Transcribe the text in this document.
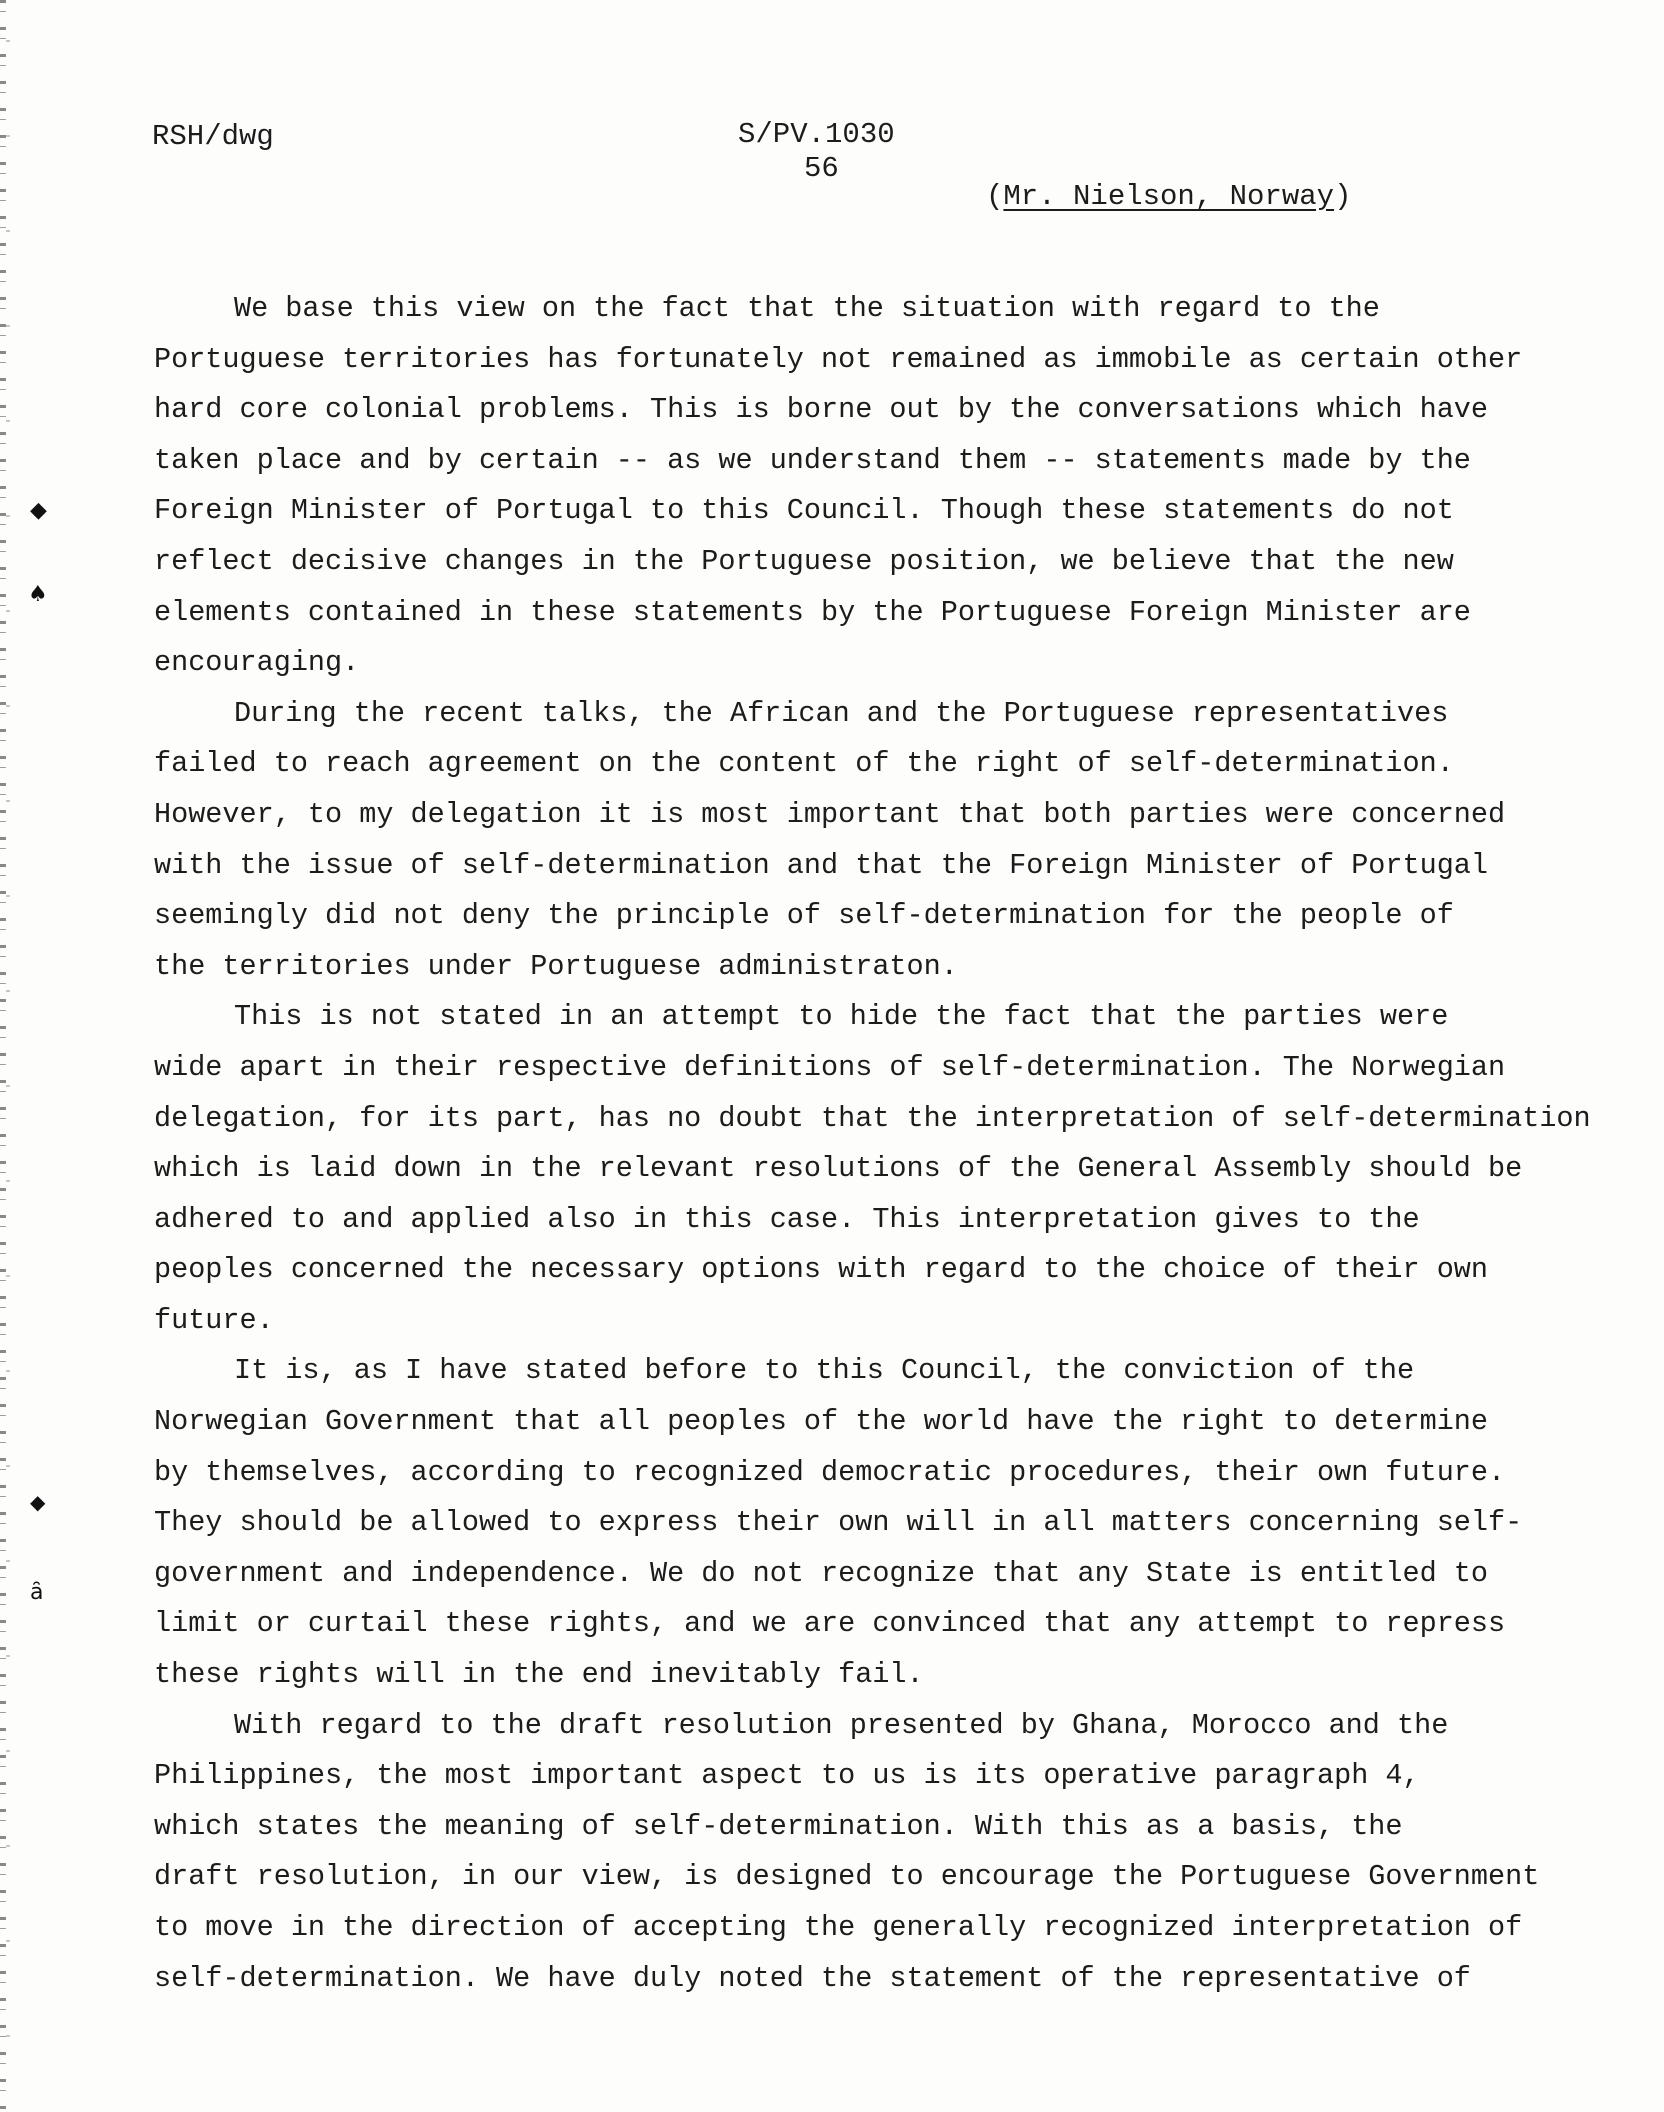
◆
♠
◆
ȃ
RSH/dwg	S/PV.1030
56
(Mr. Nielson, Norway)
We base this view on the fact that the situation with regard to the
Portuguese territories has fortunately not remained as immobile as certain other
hard core colonial problems. This is borne out by the conversations which have
taken place and by certain -- as we understand them -- statements made by the
Foreign Minister of Portugal to this Council. Though these statements do not
reflect decisive changes in the Portuguese position, we believe that the new
elements contained in these statements by the Portuguese Foreign Minister are
encouraging.
During the recent talks, the African and the Portuguese representatives
failed to reach agreement on the content of the right of self-determination.
However, to my delegation it is most important that both parties were concerned
with the issue of self-determination and that the Foreign Minister of Portugal
seemingly did not deny the principle of self-determination for the people of
the territories under Portuguese administraton.
This is not stated in an attempt to hide the fact that the parties were
wide apart in their respective definitions of self-determination. The Norwegian
delegation, for its part, has no doubt that the interpretation of self-determination
which is laid down in the relevant resolutions of the General Assembly should be
adhered to and applied also in this case. This interpretation gives to the
peoples concerned the necessary options with regard to the choice of their own
future.
It is, as I have stated before to this Council, the conviction of the
Norwegian Government that all peoples of the world have the right to determine
by themselves, according to recognized democratic procedures, their own future.
They should be allowed to express their own will in all matters concerning self-
government and independence. We do not recognize that any State is entitled to
limit or curtail these rights, and we are convinced that any attempt to repress
these rights will in the end inevitably fail.
With regard to the draft resolution presented by Ghana, Morocco and the
Philippines, the most important aspect to us is its operative paragraph 4,
which states the meaning of self-determination. With this as a basis, the
draft resolution, in our view, is designed to encourage the Portuguese Government
to move in the direction of accepting the generally recognized interpretation of
self-determination. We have duly noted the statement of the representative of
